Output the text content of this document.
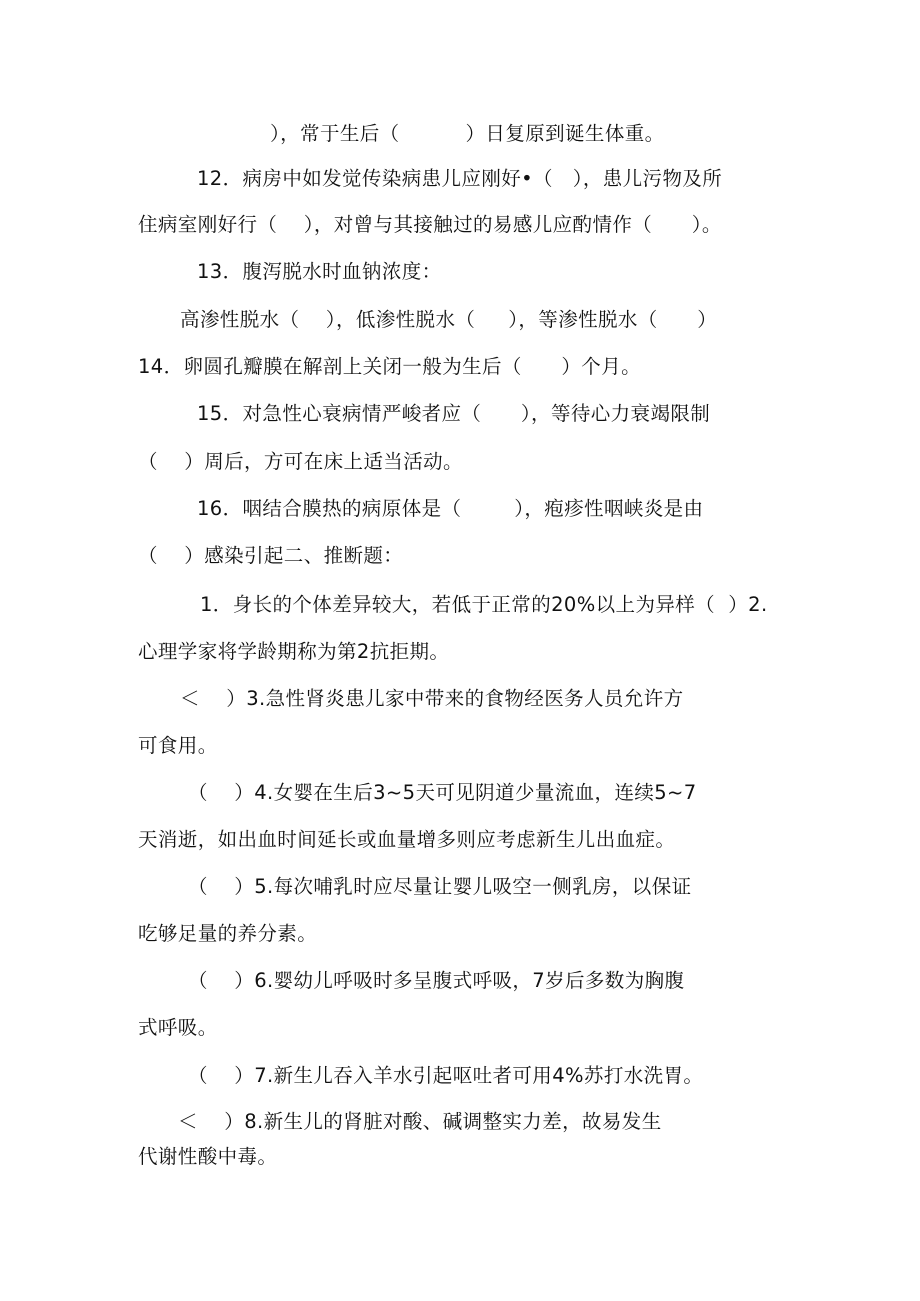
），常于生后（          ）日复原到诞生体重。
12．病房中如发觉传染病患儿应刚好•（   ），患儿污物及所
住病室刚好行（    ），对曾与其接触过的易感儿应酌情作（      ）。
13．腹泻脱水时血钠浓度：
高渗性脱水（    ），低渗性脱水（     ），等渗性脱水（      ）
14．卵圆孔瓣膜在解剖上关闭一般为生后（      ）个月。
15．对急性心衰病情严峻者应（      ），等待心力衰竭限制
（    ）周后，方可在床上适当活动。
16．咽结合膜热的病原体是（        ），疱疹性咽峡炎是由
（    ）感染引起二、推断题：
1．身长的个体差异较大，若低于正常的20%以上为异样（  ）2.
心理学家将学龄期称为第2抗拒期。
＜    ）3.急性肾炎患儿家中带来的食物经医务人员允许方
可食用。
（    ）4.女婴在生后3~5天可见阴道少量流血，连续5~7
天消逝，如出血时间延长或血量增多则应考虑新生儿出血症。
（    ）5.每次哺乳时应尽量让婴儿吸空一侧乳房，以保证
吃够足量的养分素。
（    ）6.婴幼儿呼吸时多呈腹式呼吸，7岁后多数为胸腹
式呼吸。
（    ）7.新生儿吞入羊水引起呕吐者可用4%苏打水洗胃。
＜    ）8.新生儿的肾脏对酸、碱调整实力差，故易发生
代谢性酸中毒。
